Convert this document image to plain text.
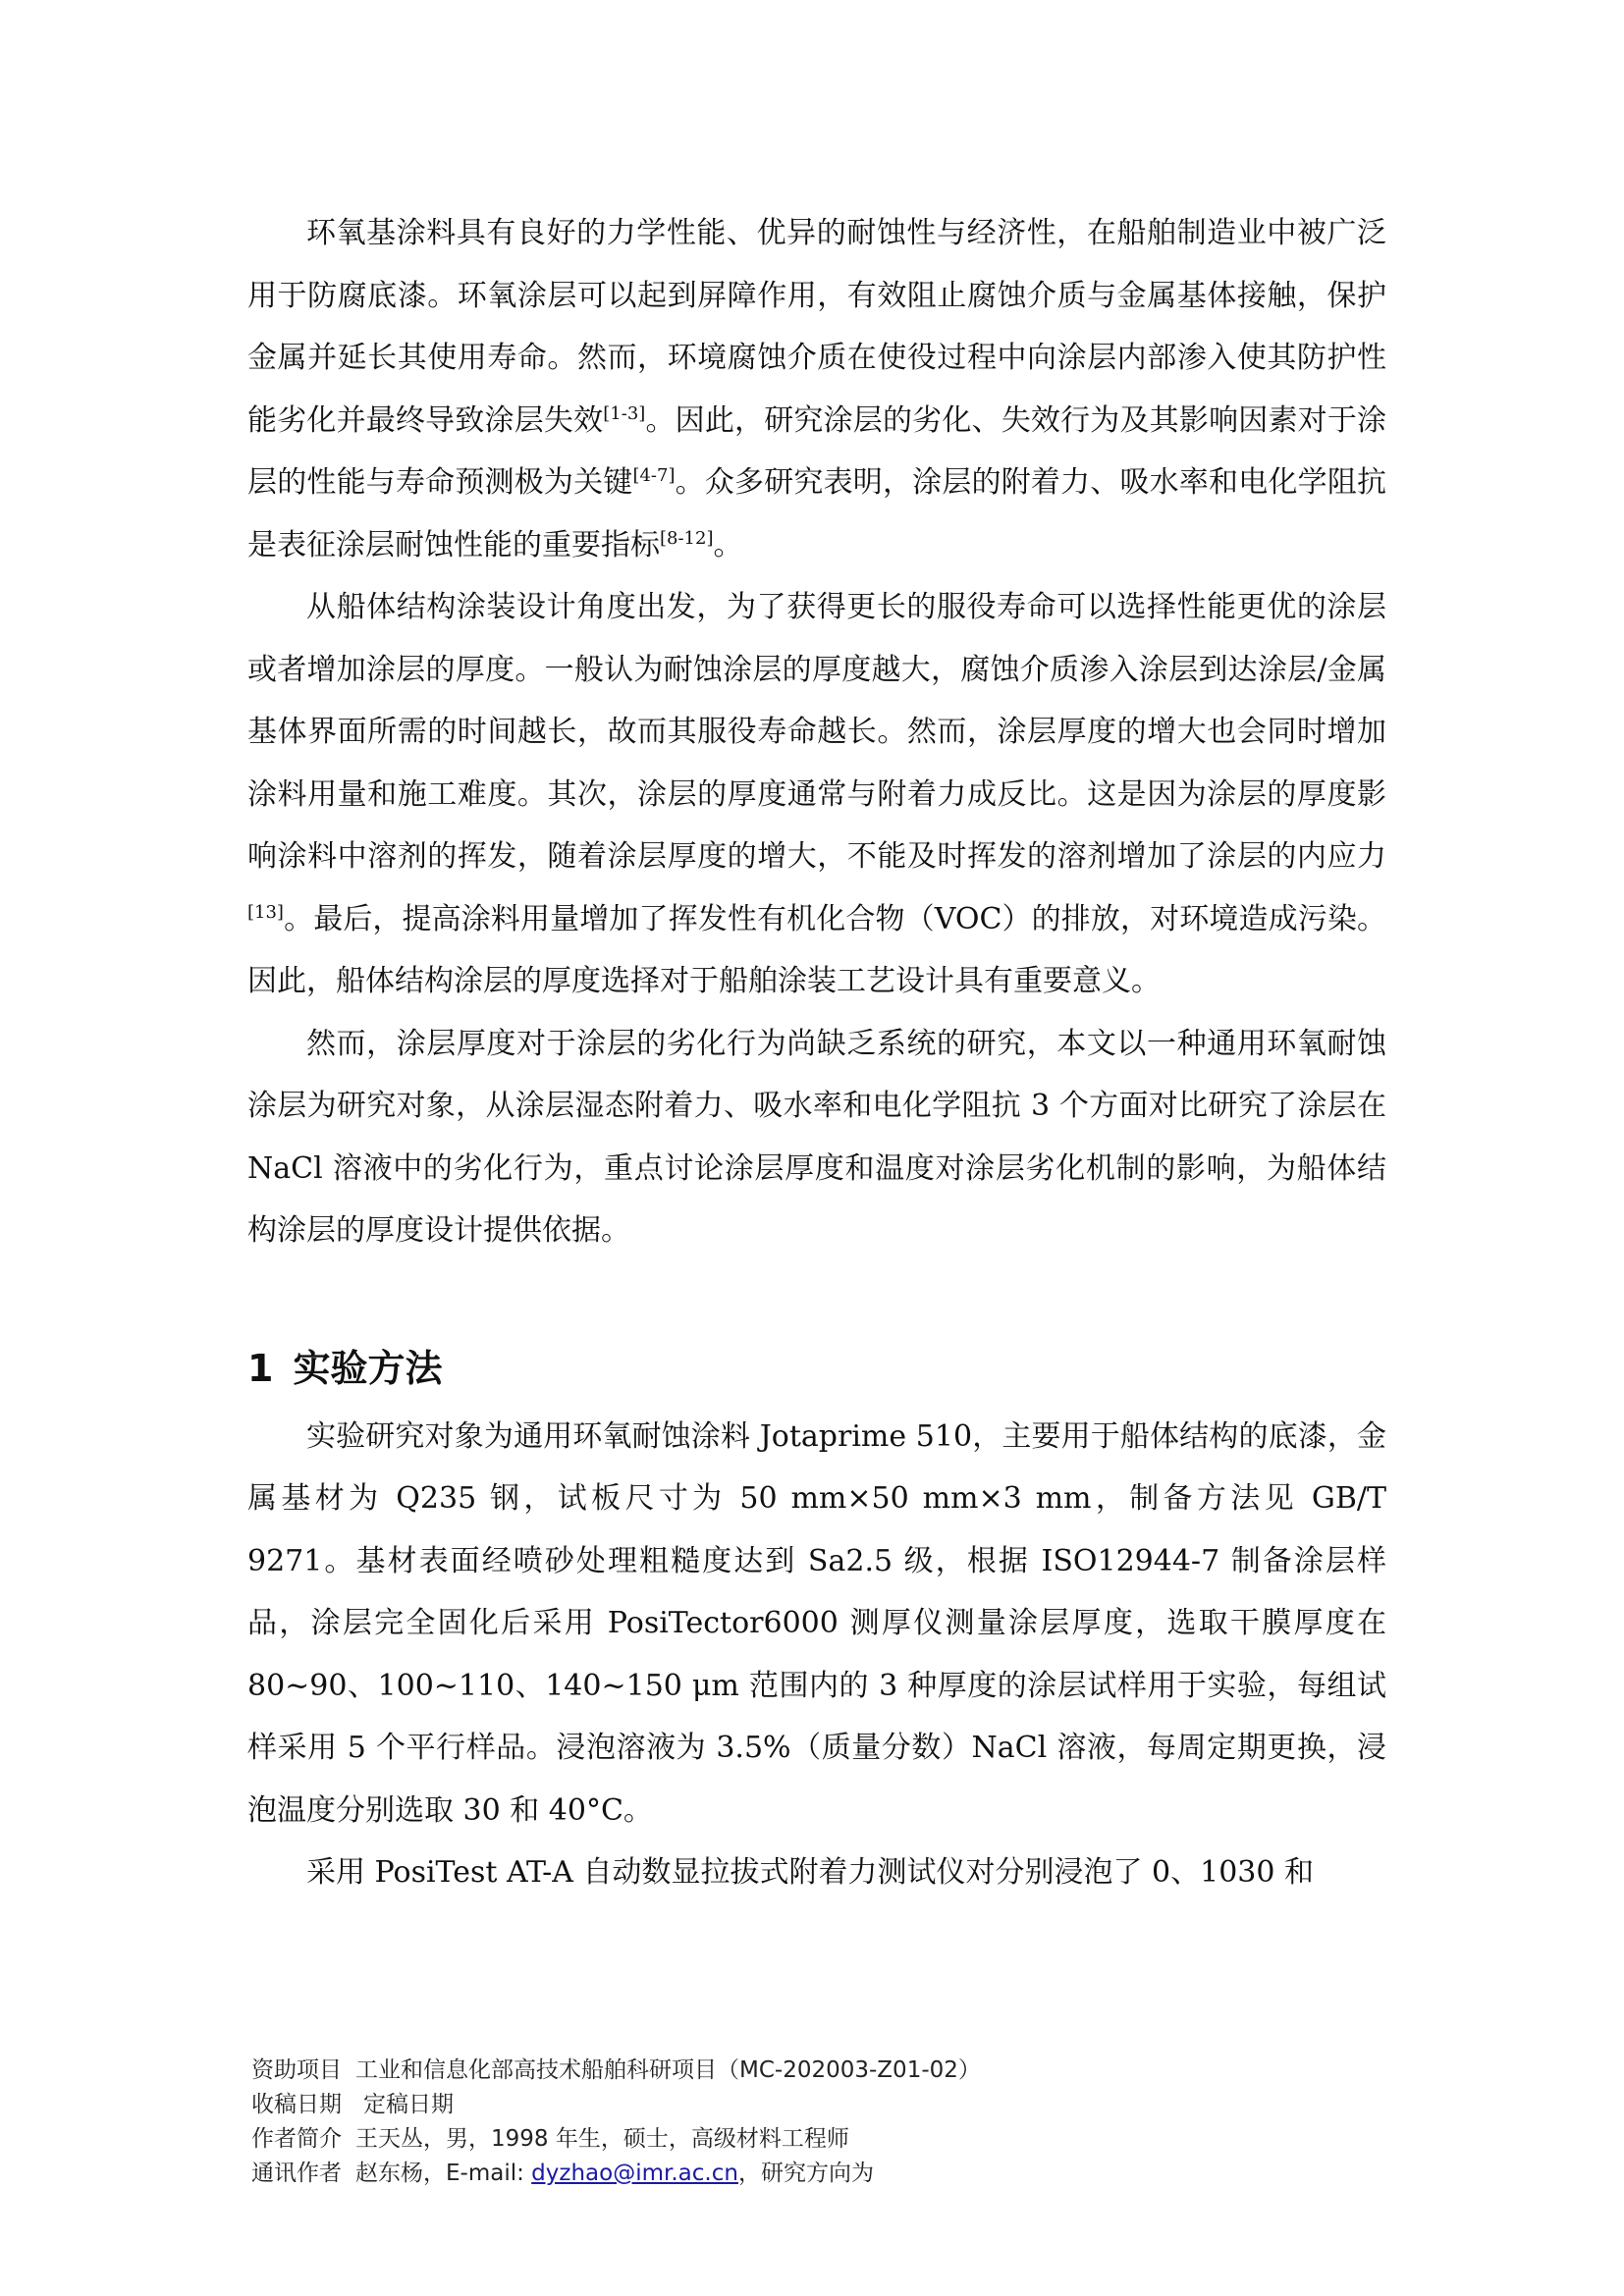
环氧基涂料具有良好的力学性能、优异的耐蚀性与经济性，在船舶制造业中被广泛用于防腐底漆。环氧涂层可以起到屏障作用，有效阻止腐蚀介质与金属基体接触，保护金属并延长其使用寿命。然而，环境腐蚀介质在使役过程中向涂层内部渗入使其防护性能劣化并最终导致涂层失效[1-3]。因此，研究涂层的劣化、失效行为及其影响因素对于涂层的性能与寿命预测极为关键[4-7]。众多研究表明，涂层的附着力、吸水率和电化学阻抗是表征涂层耐蚀性能的重要指标[8-12]。

从船体结构涂装设计角度出发，为了获得更长的服役寿命可以选择性能更优的涂层或者增加涂层的厚度。一般认为耐蚀涂层的厚度越大，腐蚀介质渗入涂层到达涂层/金属基体界面所需的时间越长，故而其服役寿命越长。然而，涂层厚度的增大也会同时增加涂料用量和施工难度。其次，涂层的厚度通常与附着力成反比。这是因为涂层的厚度影响涂料中溶剂的挥发，随着涂层厚度的增大，不能及时挥发的溶剂增加了涂层的内应力[13]。最后，提高涂料用量增加了挥发性有机化合物（VOC）的排放，对环境造成污染。因此，船体结构涂层的厚度选择对于船舶涂装工艺设计具有重要意义。

然而，涂层厚度对于涂层的劣化行为尚缺乏系统的研究，本文以一种通用环氧耐蚀涂层为研究对象，从涂层湿态附着力、吸水率和电化学阻抗 3 个方面对比研究了涂层在 NaCl 溶液中的劣化行为，重点讨论涂层厚度和温度对涂层劣化机制的影响，为船体结构涂层的厚度设计提供依据。

1 实验方法

实验研究对象为通用环氧耐蚀涂料 Jotaprime 510，主要用于船体结构的底漆，金属基材为 Q235 钢，试板尺寸为 50 mm×50 mm×3 mm，制备方法见 GB/T 9271。基材表面经喷砂处理粗糙度达到 Sa2.5 级，根据 ISO12944-7 制备涂层样品，涂层完全固化后采用 PosiTector6000 测厚仪测量涂层厚度，选取干膜厚度在 80~90、100~110、140~150 μm 范围内的 3 种厚度的涂层试样用于实验，每组试样采用 5 个平行样品。浸泡溶液为 3.5%（质量分数）NaCl 溶液，每周定期更换，浸泡温度分别选取 30 和 40°C。

采用 PosiTest AT-A 自动数显拉拔式附着力测试仪对分别浸泡了 0、1030 和

资助项目 工业和信息化部高技术船舶科研项目（MC-202003-Z01-02）
收稿日期 定稿日期
作者简介 王天丛，男，1998 年生，硕士，高级材料工程师
通讯作者 赵东杨，E-mail: dyzhao@imr.ac.cn，研究方向为
